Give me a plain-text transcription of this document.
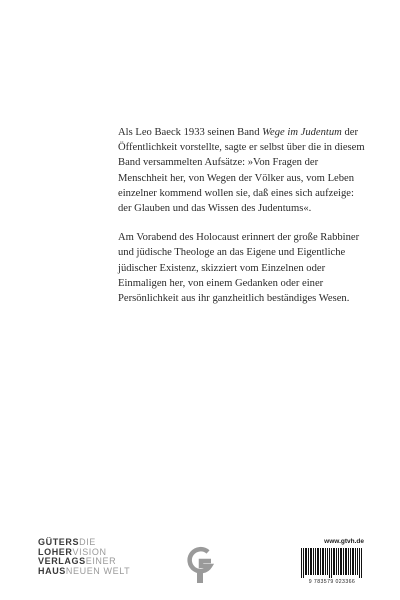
Als Leo Baeck 1933 seinen Band Wege im Judentum der Öffentlichkeit vorstellte, sagte er selbst über die in diesem Band versammelten Aufsätze: »Von Fragen der Menschheit her, von Wegen der Völker aus, vom Leben einzelner kommend wollen sie, daß eines sich aufzeige: der Glauben und das Wissen des Judentums«.

Am Vorabend des Holocaust erinnert der große Rabbiner und jüdische Theologe an das Eigene und Eigentliche jüdischer Existenz, skizziert vom Einzelnen oder Einmaligen her, von einem Gedanken oder einer Persönlichkeit aus ihr ganzheitlich beständiges Wesen.

GÜTERSDIE
LOHERVISION
VERLAGSEINER
HAUSNEUEN WELT
www.gtvh.de
9 783579 023366
